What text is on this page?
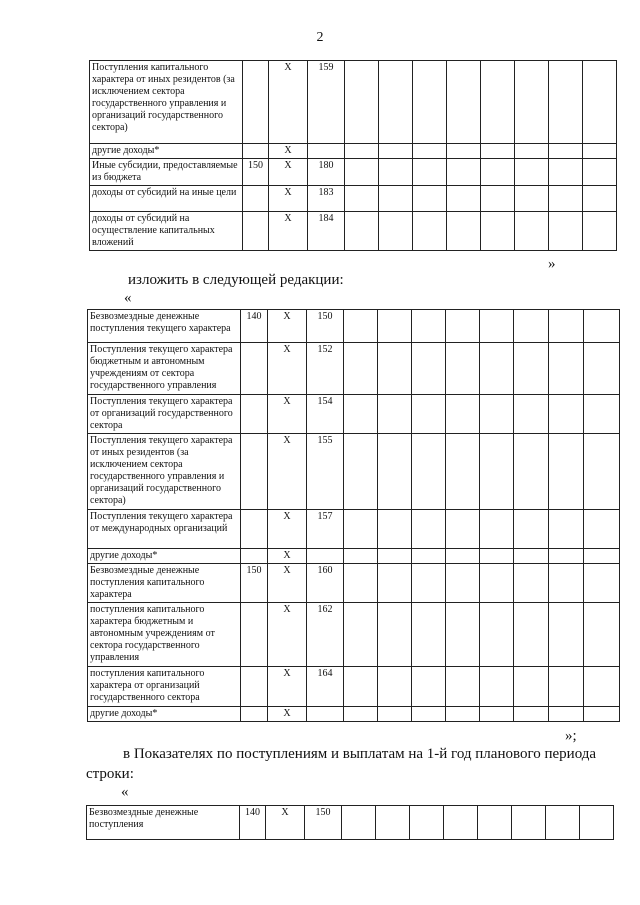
2
Поступления капитального характера от иных резидентов (за исключением сектора государственного управления и организаций государственного сектора)		X	159								
другие доходы*		X									
Иные субсидии, предоставляемые из бюджета	150	X	180								
доходы от субсидий на иные цели		X	183								
доходы от субсидий на осуществление капитальных вложений		X	184								
»
изложить в следующей редакции:
«
Безвозмездные денежные поступления текущего характера	140	X	150								
Поступления текущего характера бюджетным и автономным учреждениям от сектора государственного управления		X	152								
Поступления текущего характера от организаций государственного сектора		X	154								
Поступления текущего характера от иных резидентов (за исключением сектора государственного управления и организаций государственного сектора)		X	155								
Поступления текущего характера от международных организаций		X	157								
другие доходы*		X									
Безвозмездные денежные поступления капитального характера	150	X	160								
поступления капитального характера бюджетным и автономным учреждениям от сектора государственного управления		X	162								
поступления капитального характера от организаций государственного сектора		X	164								
другие доходы*		X									
»;
в Показателях по поступлениям и выплатам на 1-й год планового периода строки:
«
Безвозмездные денежные поступления	140	X	150								
